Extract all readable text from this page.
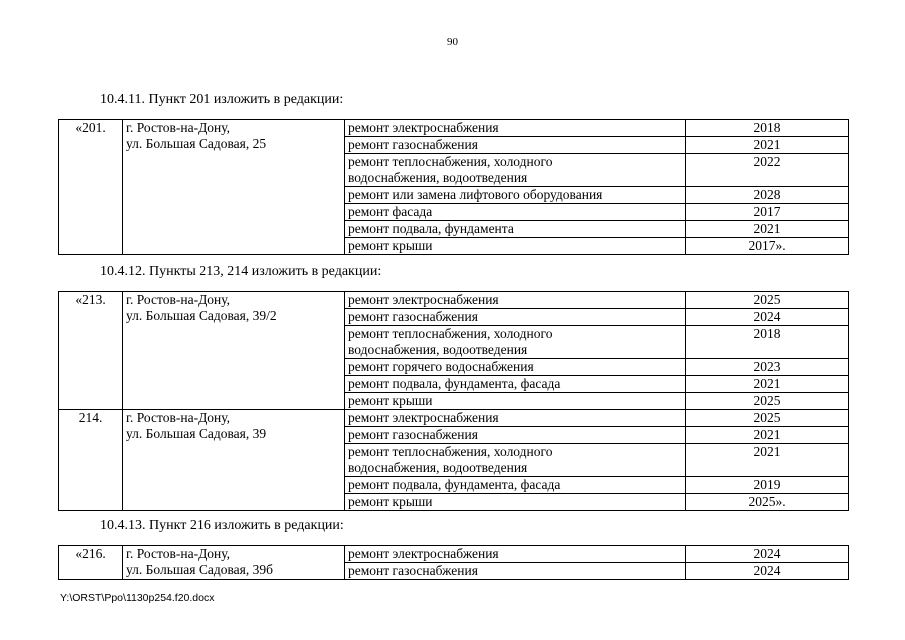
90
10.4.11. Пункт 201 изложить в редакции:
«201.	г. Ростов-на-Дону,
ул. Большая Садовая, 25	ремонт электроснабжения	2018
		ремонт газоснабжения	2021

		ремонт теплоснабжения, холодного
водоснабжения, водоотведения	2022
		ремонт или замена лифтового оборудования	2028
		ремонт фасада	2017
		ремонт подвала, фундамента	2021
		ремонт крыши	2017».
10.4.12. Пункты 213, 214 изложить в редакции:
«213.	г. Ростов-на-Дону,
ул. Большая Садовая, 39/2	ремонт электроснабжения	2025
		ремонт газоснабжения	2024

		ремонт теплоснабжения, холодного
водоснабжения, водоотведения	2018
		ремонт горячего водоснабжения	2023
		ремонт подвала, фундамента, фасада	2021
		ремонт крыши	2025
214.	г. Ростов-на-Дону,
ул. Большая Садовая, 39	ремонт электроснабжения	2025
		ремонт газоснабжения	2021

		ремонт теплоснабжения, холодного
водоснабжения, водоотведения	2021
		ремонт подвала, фундамента, фасада	2019
		ремонт крыши	2025».
10.4.13. Пункт 216 изложить в редакции:
«216.	г. Ростов-на-Дону,
ул. Большая Садовая, 39б	ремонт электроснабжения	2024
		ремонт газоснабжения	2024
Y:\ORST\Ppo\1130p254.f20.docx
